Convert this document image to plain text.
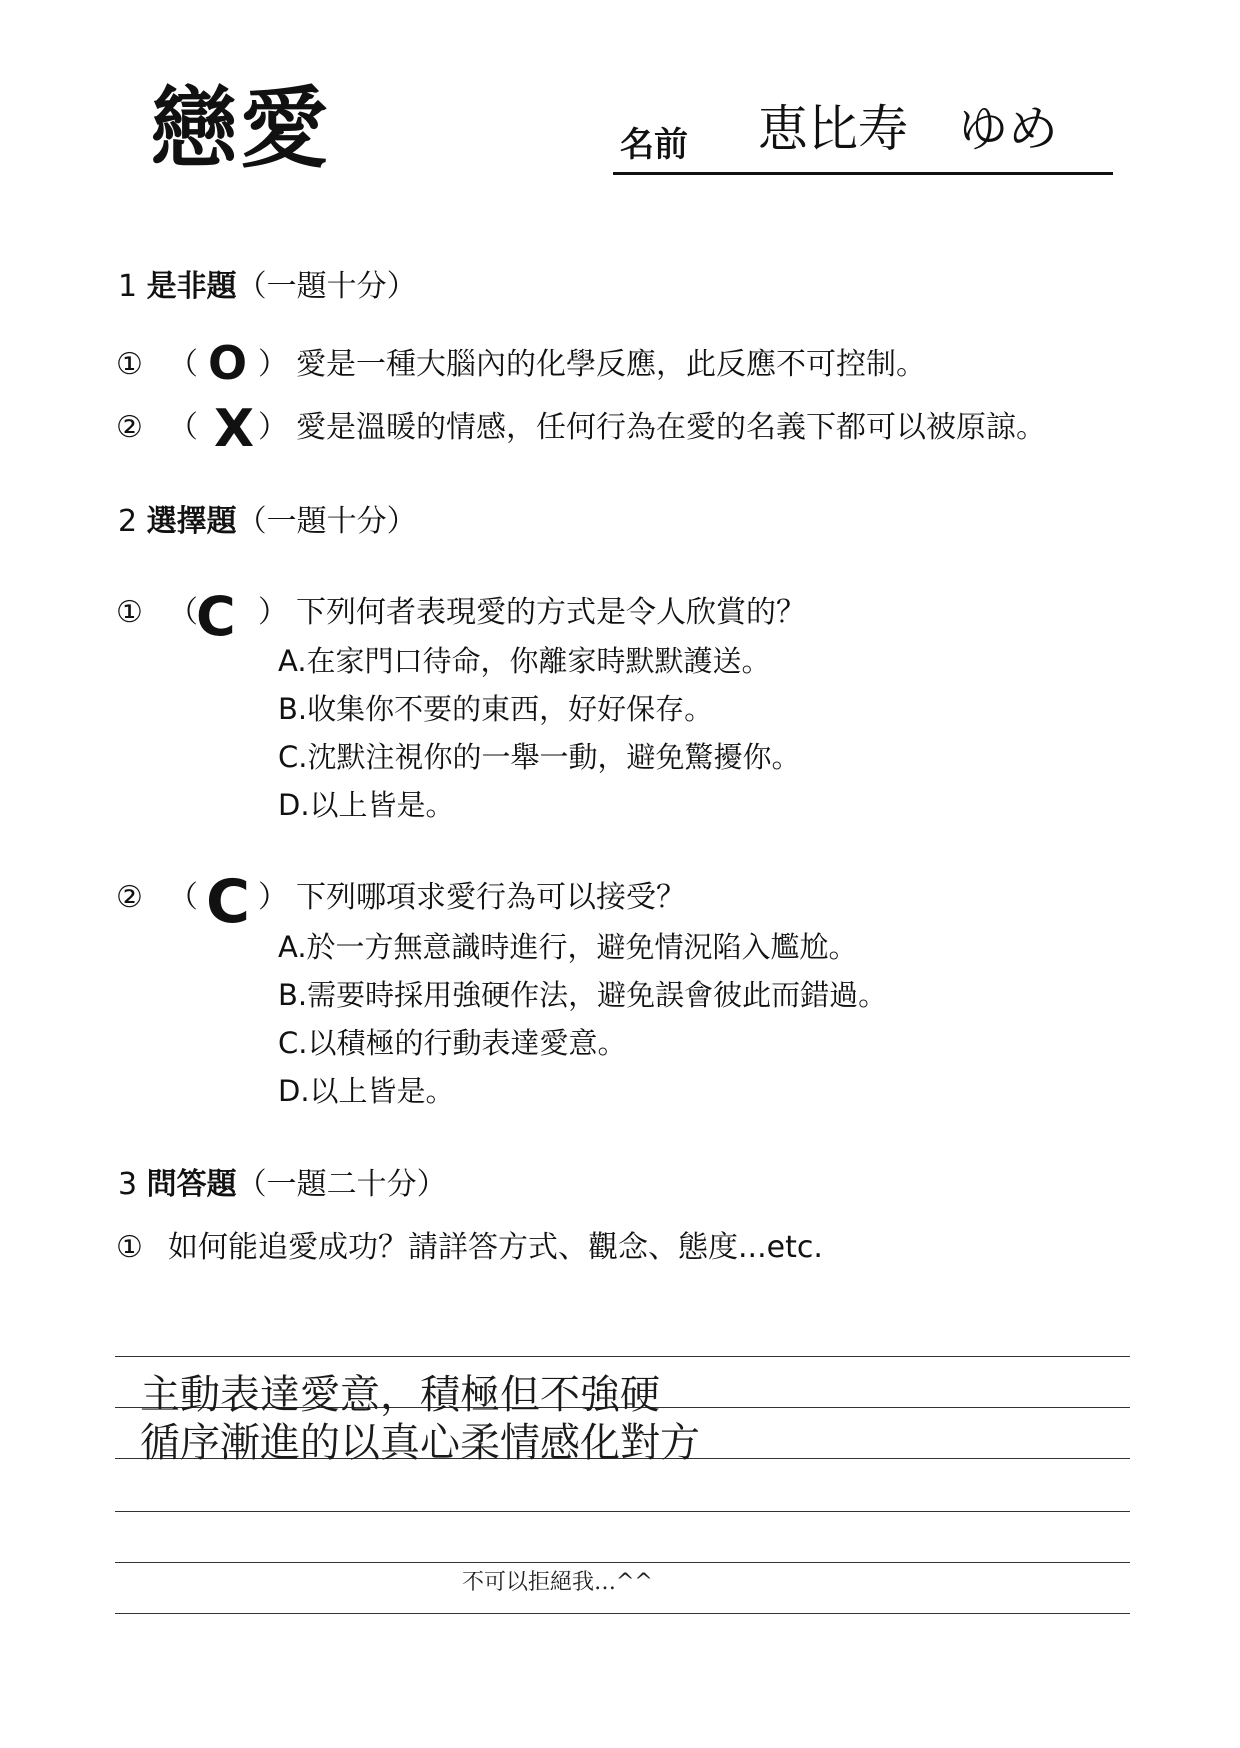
戀愛	名前 恵比寿　ゆめ
1 是非題（一題十分）
① （ O ） 愛是一種大腦內的化學反應，此反應不可控制。
② （ X ） 愛是溫暖的情感，任何行為在愛的名義下都可以被原諒。
2 選擇題（一題十分）
① （
C ） 下列何者表現愛的方式是令人欣賞的？
A.在家門口待命，你離家時默默護送。
B.收集你不要的東西，好好保存。
C.沈默注視你的一舉一動，避免驚擾你。
D.以上皆是。
② （ C ） 下列哪項求愛行為可以接受？
A.於一方無意識時進行，避免情況陷入尷尬。
B.需要時採用強硬作法，避免誤會彼此而錯過。
C.以積極的行動表達愛意。
D.以上皆是。
3 問答題（一題二十分）
① 如何能追愛成功？請詳答方式、觀念、態度...etc.
主動表達愛意，積極但不強硬
循序漸進的以真心柔情感化對方
不可以拒絕我…^^
